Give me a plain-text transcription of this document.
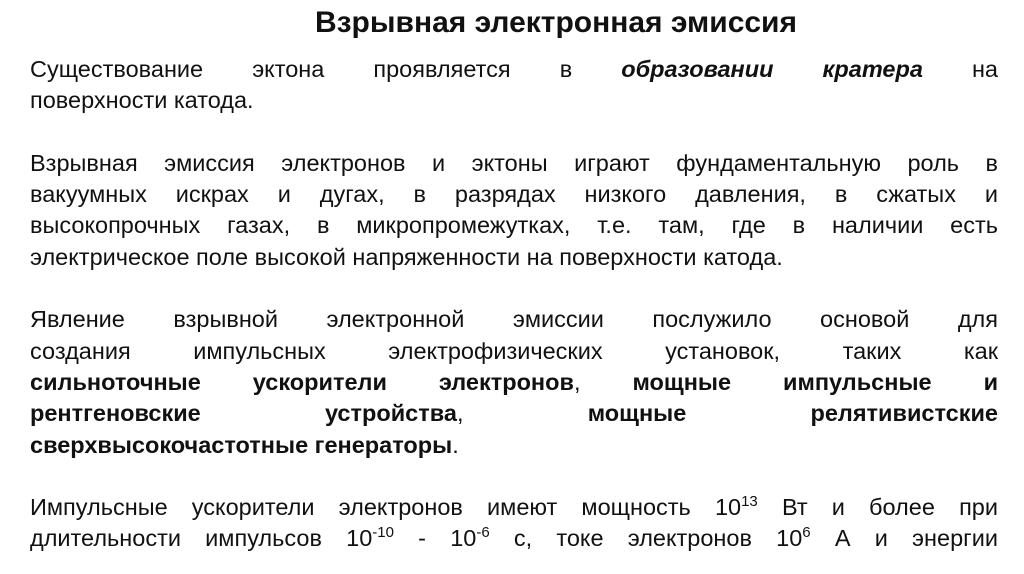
Взрывная электронная эмиссия
Существование эктона проявляется в образовании кратера на
поверхности катода.
Взрывная эмиссия электронов и эктоны играют фундаментальную роль в
вакуумных искрах и дугах, в разрядах низкого давления, в сжатых и
высокопрочных газах, в микропромежутках, т.е. там, где в наличии есть
электрическое поле высокой напряженности на поверхности катода.
Явление взрывной электронной эмиссии послужило основой для
создания импульсных электрофизических установок, таких как
сильноточные ускорители электронов, мощные импульсные и
рентгеновские устройства,	мощные релятивистские
сверхвысокочастотные генераторы.
Импульсные ускорители электронов имеют мощность $10^{13}$ Вт и более при
длительности импульсов $10^{-10} - 10^{-6}$ с, токе электронов $10^6$ А и энергии
